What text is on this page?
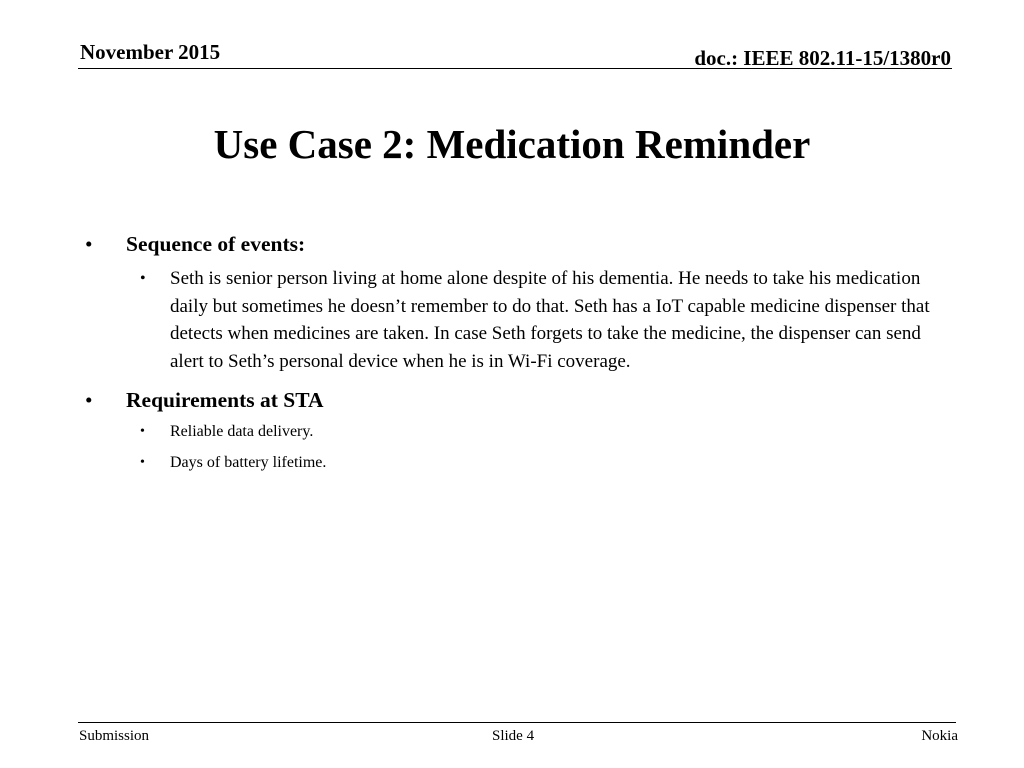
November 2015	doc.: IEEE 802.11-15/1380r0
Use Case 2: Medication Reminder
• Sequence of events:
• Seth is senior person living at home alone despite of his dementia. He needs to take his medication daily but sometimes he doesn’t remember to do that. Seth has a IoT capable medicine dispenser that detects when medicines are taken. In case Seth forgets to take the medicine, the dispenser can send alert to Seth’s personal device when he is in Wi-Fi coverage.
• Requirements at STA
• Reliable data delivery.
• Days of battery lifetime.
Submission	Slide 4	Nokia
